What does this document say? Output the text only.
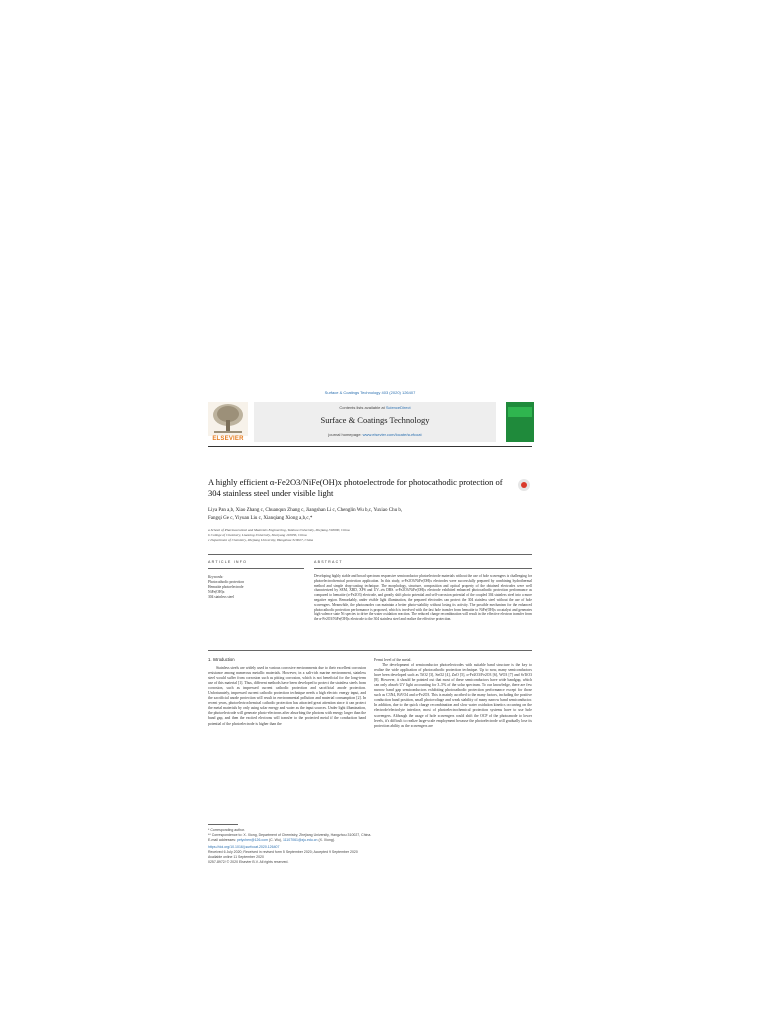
Surface & Coatings Technology 403 (2020) 126407
ELSEVIER
Contents lists available at ScienceDirect
Surface & Coatings Technology
journal homepage: www.elsevier.com/locate/surfcoat
A highly efficient α-Fe2O3/NiFe(OH)x photoelectrode for photocathodic protection of 304 stainless steel under visible light
Liya Pan a,b, Xiao Zhang c, Chuanqun Zhang c, Jiangshan Li c, Chenglin Wu b,c, Yuxiao Chu b,
Fangqi Ge c, Yiyuan Liu c, Xianqiang Xiong a,b,c,*
a School of Pharmaceutical and Materials Engineering, Taizhou University, Zhejiang 318000, China
b College of Chemistry, Liaoning University, Shenyang 110036, China
c Department of Chemistry, Zhejiang University, Hangzhou 310027, China
ARTICLE INFO	ABSTRACT
Keywords:
Photocathodic protection
Hematite photoelectrode
NiFe(OH)x
304 stainless steel
Developing highly stable and broad spectrum responsive semiconductor photoelectrode materials without the use of hole scavengers is challenging for photoelectrochemical protection application. In this study, α-Fe2O3/NiFe(OH)x electrodes were successfully prepared by combining hydrothermal method and simple drop-casting technique. The morphology, structure, composition and optical property of the obtained electrodes were well characterized by SEM, XRD, XPS and UV–vis DRS. α-Fe2O3/NiFe(OH)x electrode exhibited enhanced photocathodic protection performance as compared to hematite (α-Fe2O3) electrode, and greatly shift photo potential and self-corrosion potential of the coupled 304 stainless steel into a more negative region. Remarkably, under visible light illumination, the prepared electrodes can protect the 304 stainless steel without the use of hole scavengers. Meanwhile, the photoanodes can maintain a better photo-stability without losing its activity. The possible mechanism for the enhanced photocathodic protection performance is proposed, which is involved with the fast hole transfer from hematite to NiFe(OH)x cocatalyst and generates high valence state Ni species to drive the water oxidation reaction. The reduced charge recombination will result in the effective electron transfer from the α-Fe2O3/NiFe(OH)x electrode to the 304 stainless steel and realize the effective protection.
1. Introduction

Stainless steels are widely used in various corrosive environments due to their excellent corrosion resistance among numerous metallic materials. However, in a salt-rich marine environment, stainless steel would suffer from corrosion such as pitting corrosion, which is not beneficial for the long-term use of this material [1]. Thus, different methods have been developed to protect the stainless steels from corrosion, such as impressed current cathodic protection and sacrificial anode protection. Unfortunately, impressed current cathodic protection technique needs a high electric energy input, and the sacrificial anode protection will result in environmental pollution and material consumption [2]. In recent years, photoelectrochemical cathodic protection has attracted great attention since it can protect the metal materials by only using solar energy and water as the input sources. Under light illumination, the photoelectrode will generate photo-electrons after absorbing the photons with energy larger than the band gap, and then the excited electrons will transfer to the protected metal if the conduction band potential of the photoelectrode is higher than the

Fermi level of the metal.

The development of semiconductor photoelectrodes with suitable band structure is the key to realize the wide application of photocathodic protection technique. Up to now, many semiconductors have been developed such as TiO2 [3], SnO2 [4], ZnO [5], α-Fe2O3/Fe2O3 [6], WO3 [7] and SrTiO3 [8]. However, it should be pointed out that most of these semiconductors have wide bandgap, which can only absorb UV light accounting for 3–5% of the solar spectrum. To our knowledge, there are few narrow band gap semiconductors exhibiting photocathodic protection performance except for those such as C3N4, BiVO4 and α-Fe2O3. This is mainly ascribed to the many factors, including the positive conduction band position, small photovoltage and weak stability of many narrow band semiconductor. In addition, due to the quick charge recombination and slow water oxidation kinetics occurring on the electrode/electrolyte interface, most of photoelectrochemical protection systems have to use hole scavengers. Although the usage of hole scavengers could shift the OCP of the photoanode to lower levels, it's difficult to realize large-scale employment because the photoelectrode will gradually lose its protection ability as the scavengers are

* Corresponding author.
** Correspondence to: X. Xiong, Department of Chemistry, Zhejiang University, Hangzhou 310027, China.
E-mail addresses: pelychen@126.com (C. Wu), 11107061@zju.edu.cn (X. Xiong).
https://doi.org/10.1016/j.surfcoat.2020.126407
Received 6 July 2020; Received in revised form 5 September 2020; Accepted 9 September 2020
Available online 11 September 2020
0257-8972/ © 2020 Elsevier B.V. All rights reserved.
